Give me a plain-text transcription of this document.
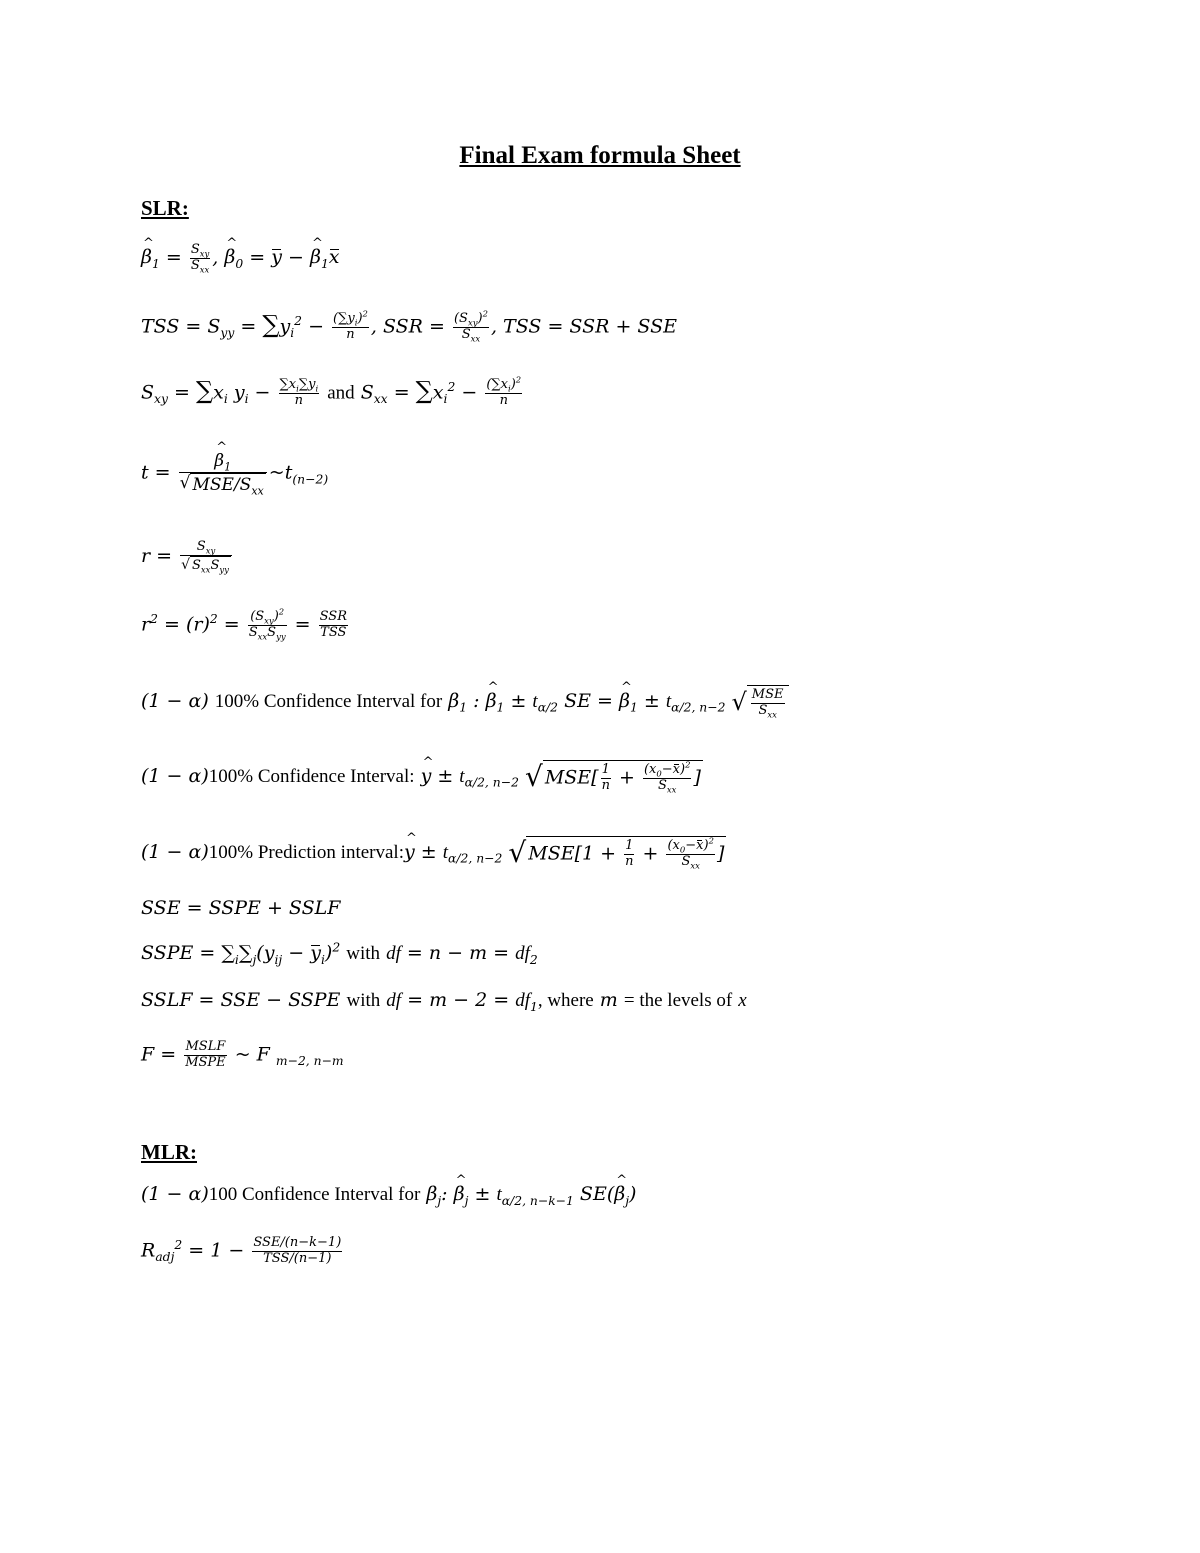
Final Exam formula Sheet
SLR:
^ $\beta_1 = \frac{S_{xy}}{S_{xx}}$ , ^ $\beta_0 = y$ − ^ $\beta_1x$
TSS = $S_{yy} = \sum y_i^2 - \frac{(\sum y_i)^2}{n}$ , SSR = $\frac{(S_{xy})^2}{S_{xx}}$ , TSS = SSR + SSE
$S_{xy} = \sum x_i$ $y_i - \frac{\sum x_i\sum y_i}{n}$ and $S_{xx} = \sum x_i^2 - \frac{(\sum x_i)^2}{n}$
t = ^ $\frac{\beta_1}{√ MSE/S_{xx}}$ $\sim t_{(n-2)}$
$r = \frac{S_{xy}}{√ S_{xx}S_{yy}}$
$r^2 = (r)^2 = \frac{(S_{xy})^2}{S_{xx}S_{yy}} = \frac{\text{SSR}}{\text{TSS}}$
(1 − α) 100% Confidence Interval for $\beta_1$ : ^ $\beta_1 \pm t_{\alpha/2}$ SE = ^ $\beta_1 \pm t_{\alpha/2, n-2}$ √ $\frac{\text{MSE}}{S_{xx}}$
(1 − α)100% Confidence Interval: ^ $y \pm t_{\alpha/2, n-2}$ √ $MSE[ \frac{1}{n} + \frac{(x_0-x)^2}{S_{xx}}$ ]
(1 − α)100% Prediction interval:^ $y \pm t_{\alpha/2, n-2}$ √ $MSE[1 + \frac{1}{n} + \frac{(x_0-x)^2}{S_{xx}}$ ]
SSE = SSPE + SSLF
SSPE = $\sum_i\sum_j(y_{ij} - y_i)^2$ with df = $n - m = df_2$
SSLF = SSE − SSPE with df = $m - 2 = df_1$, where m = the levels of x
$F = \frac{\text{MSLF}}{\text{MSPE}}$ ~ F $_{m-2, n-m}$
MLR:
(1 − α)100 Confidence Interval for $\beta_j$: ^ $\beta_j \pm t_{\alpha/2, n-k-1}$ SE(^ $\beta_j$)
$R_{adj}^2 = 1 - \frac{\text{SSE/(n−k−1)}}{\text{TSS/(n−1)}}$
